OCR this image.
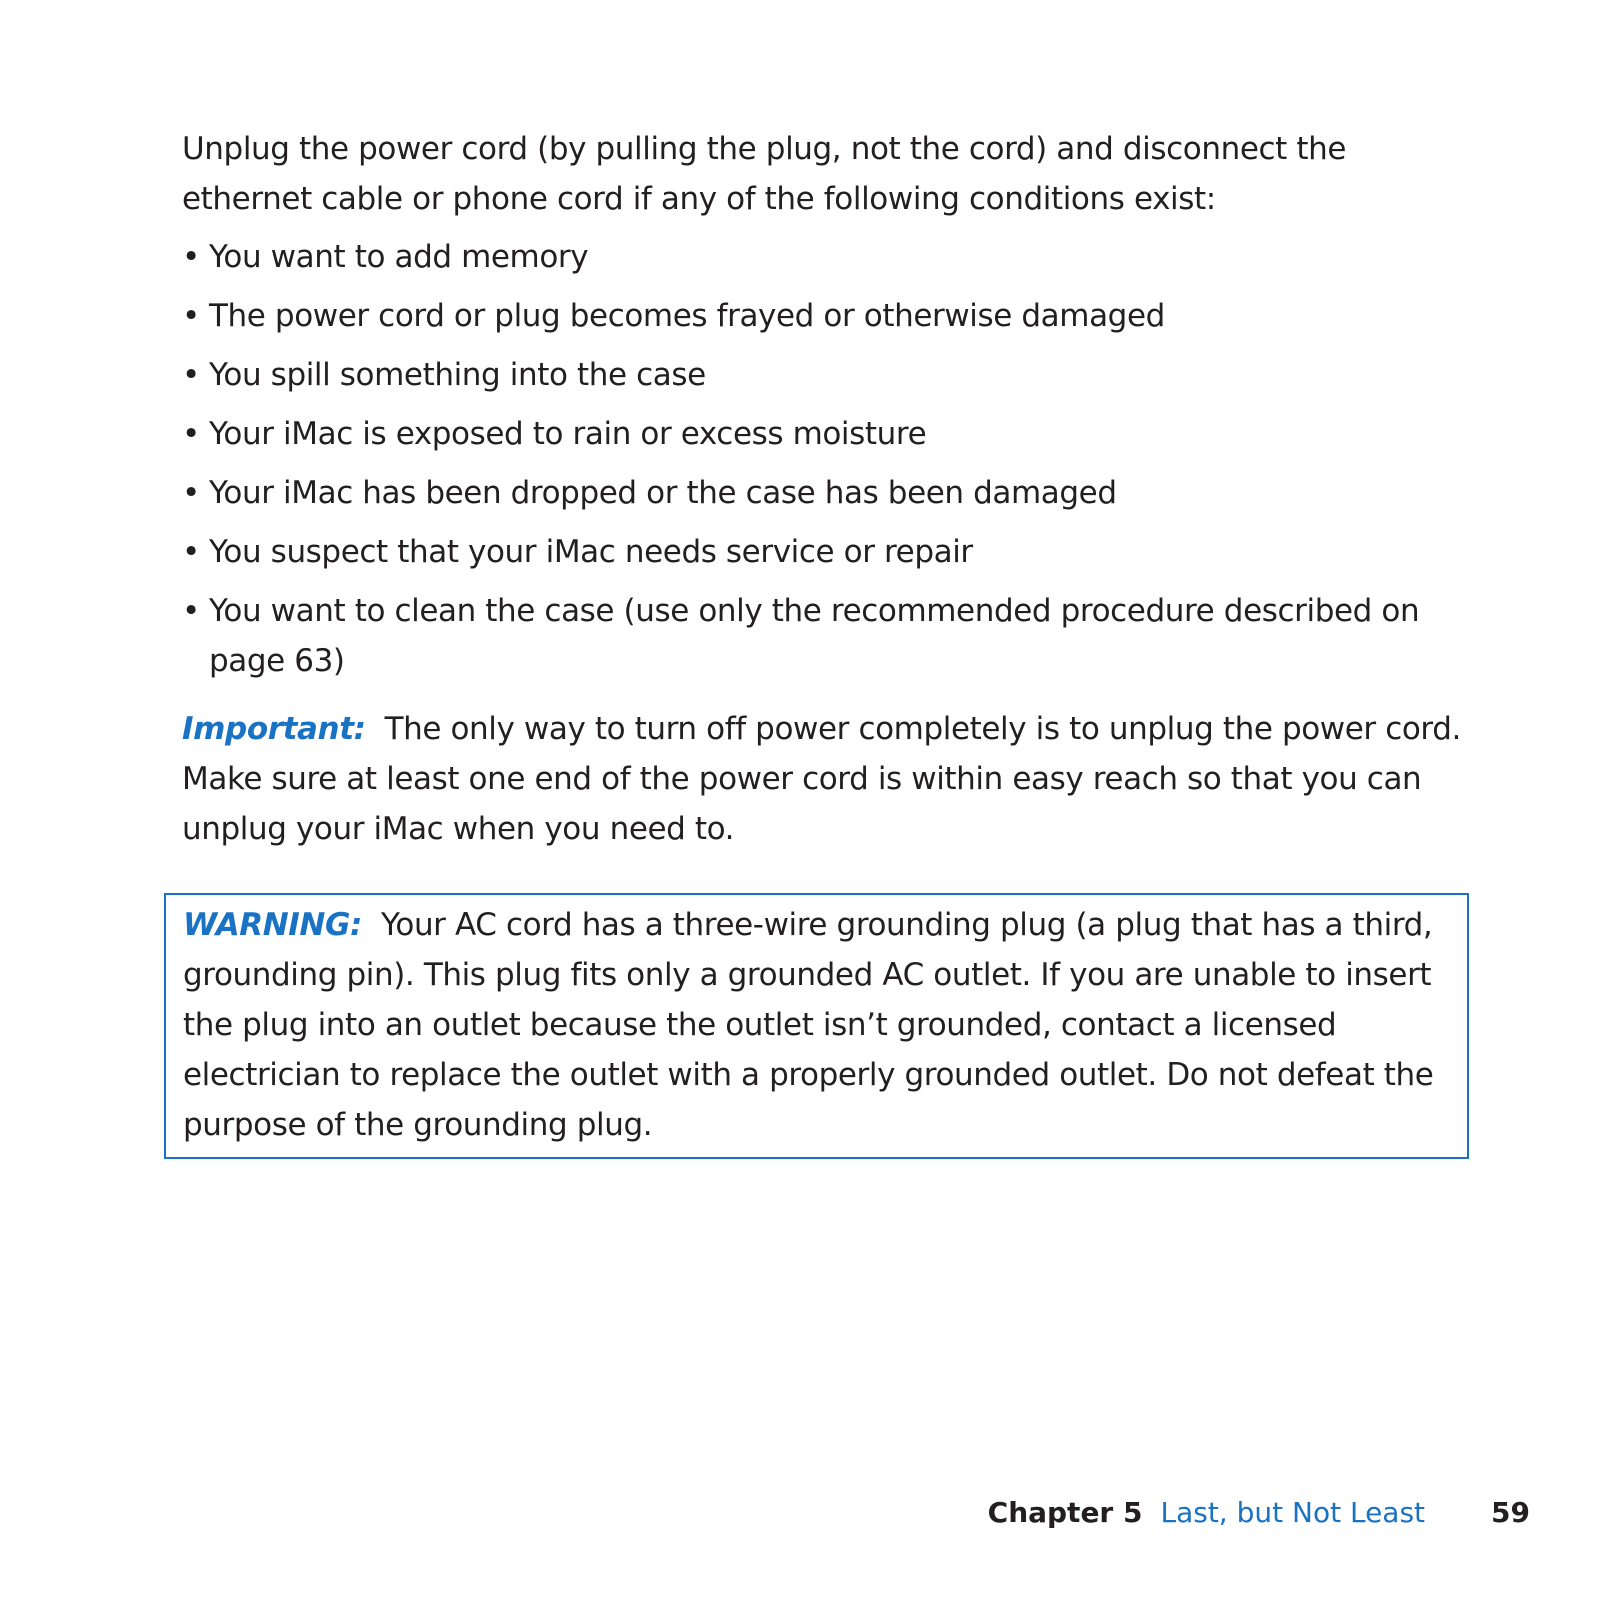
Unplug the power cord (by pulling the plug, not the cord) and disconnect the ethernet cable or phone cord if any of the following conditions exist:

• You want to add memory
• The power cord or plug becomes frayed or otherwise damaged
• You spill something into the case
• Your iMac is exposed to rain or excess moisture
• Your iMac has been dropped or the case has been damaged
• You suspect that your iMac needs service or repair
• You want to clean the case (use only the recommended procedure described on page 63)

Important: The only way to turn off power completely is to unplug the power cord. Make sure at least one end of the power cord is within easy reach so that you can unplug your iMac when you need to.

WARNING: Your AC cord has a three-wire grounding plug (a plug that has a third, grounding pin). This plug fits only a grounded AC outlet. If you are unable to insert the plug into an outlet because the outlet isn’t grounded, contact a licensed electrician to replace the outlet with a properly grounded outlet. Do not defeat the purpose of the grounding plug.

Chapter 5 Last, but Not Least 59
